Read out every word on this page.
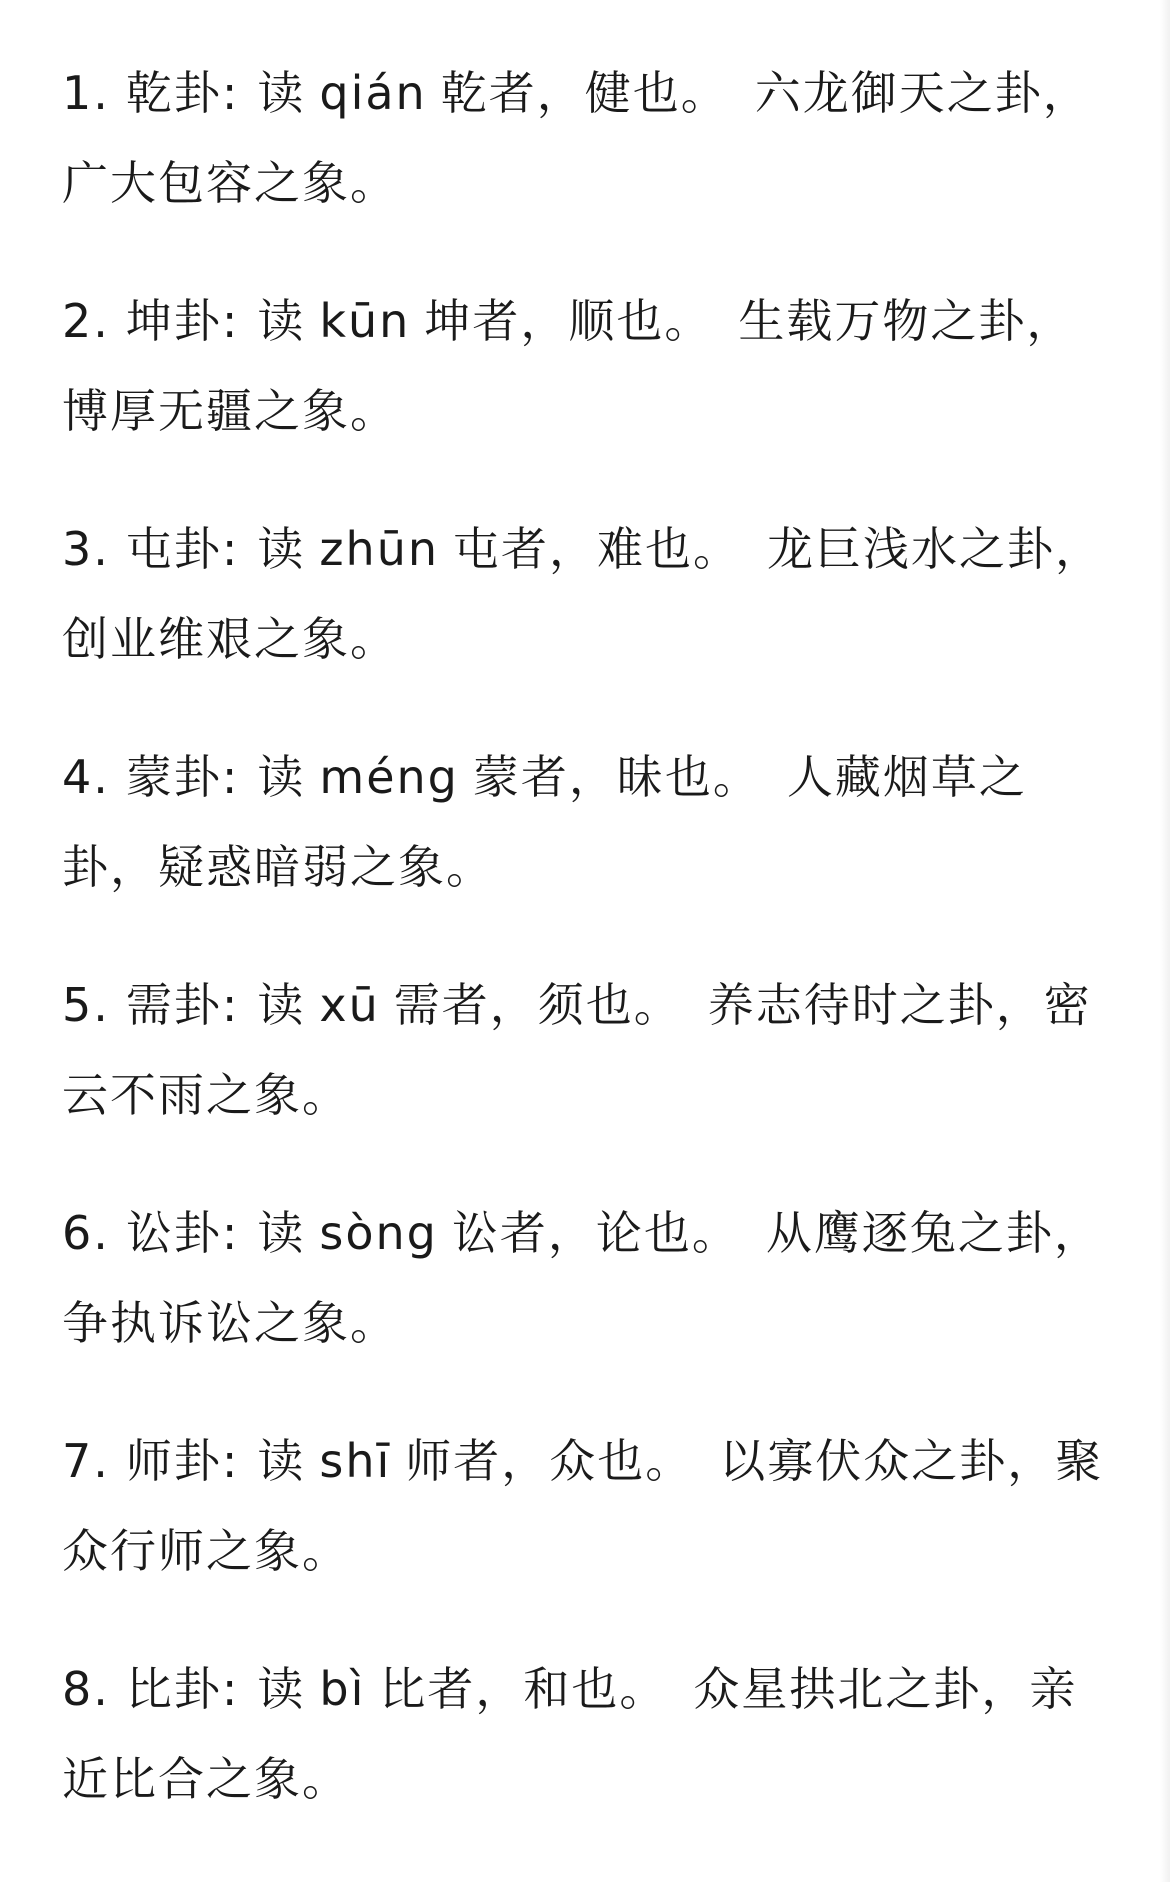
1. 乾卦: 读 qián 乾者，健也。 六龙御天之卦，广大包容之象。
2. 坤卦: 读 kūn 坤者，顺也。 生载万物之卦，博厚无疆之象。
3. 屯卦: 读 zhūn 屯者，难也。 龙巨浅水之卦，创业维艰之象。
4. 蒙卦: 读 méng 蒙者，昧也。 人藏烟草之卦，疑惑暗弱之象。
5. 需卦: 读 xū 需者，须也。 养志待时之卦，密云不雨之象。
6. 讼卦: 读 sòng 讼者，论也。 从鹰逐兔之卦，争执诉讼之象。
7. 师卦: 读 shī 师者，众也。 以寡伏众之卦，聚众行师之象。
8. 比卦: 读 bì 比者，和也。 众星拱北之卦，亲近比合之象。
